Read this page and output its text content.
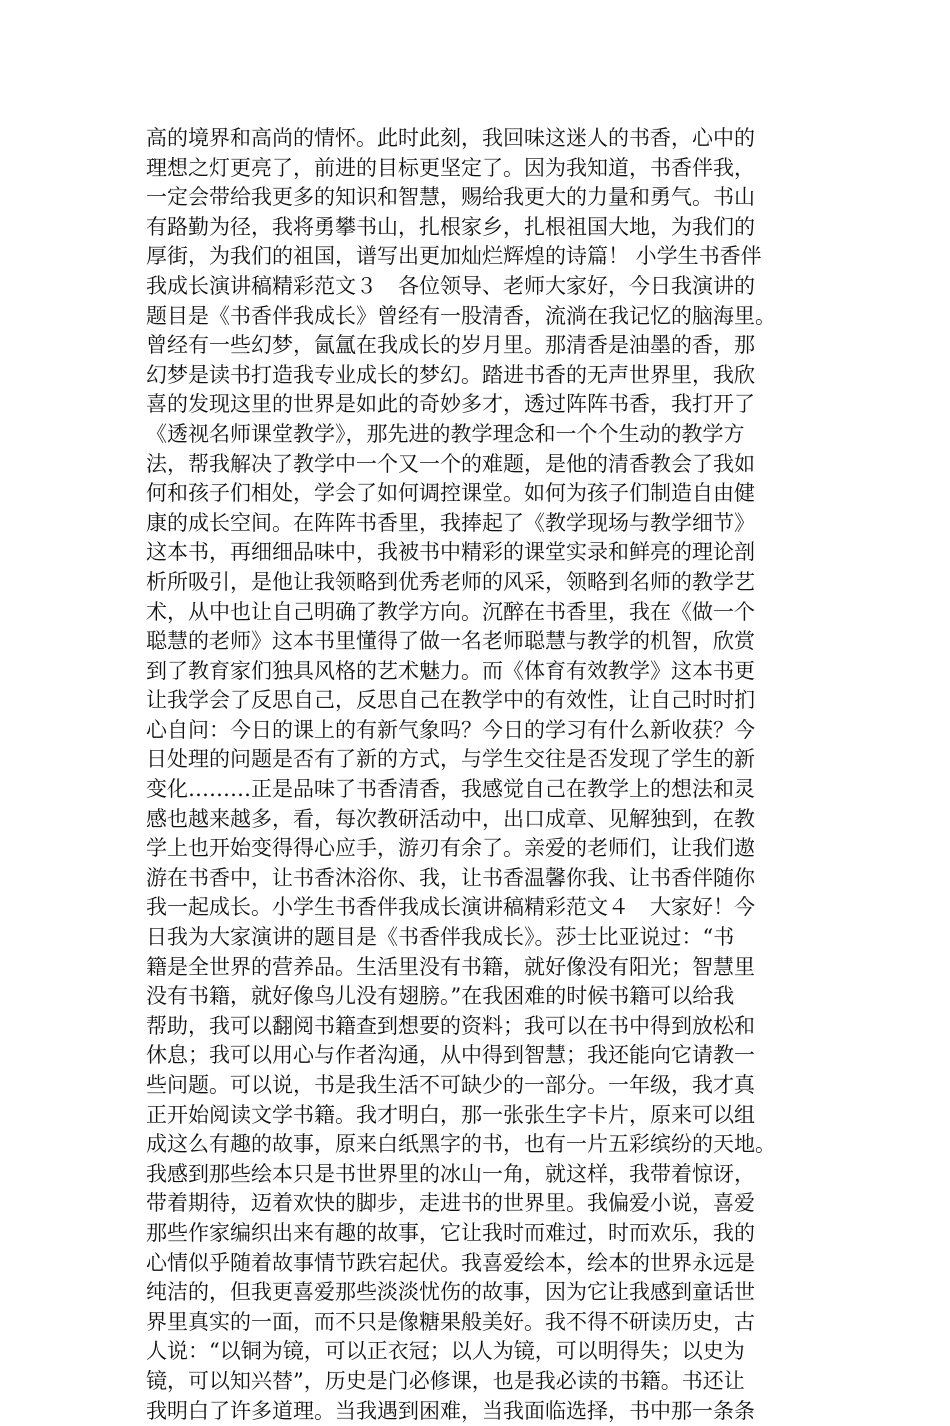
高的境界和高尚的情怀。此时此刻，我回味这迷人的书香，心中的
理想之灯更亮了，前进的目标更坚定了。因为我知道，书香伴我，
一定会带给我更多的知识和智慧，赐给我更大的力量和勇气。书山
有路勤为径，我将勇攀书山，扎根家乡，扎根祖国大地，为我们的
厚街，为我们的祖国，谱写出更加灿烂辉煌的诗篇！ 小学生书香伴
我成长演讲稿精彩范文３　各位领导、老师大家好，今日我演讲的
题目是《书香伴我成长》曾经有一股清香，流淌在我记忆的脑海里。
曾经有一些幻梦，氤氲在我成长的岁月里。那清香是油墨的香，那
幻梦是读书打造我专业成长的梦幻。踏进书香的无声世界里，我欣
喜的发现这里的世界是如此的奇妙多才，透过阵阵书香，我打开了
《透视名师课堂教学》，那先进的教学理念和一个个生动的教学方
法，帮我解决了教学中一个又一个的难题，是他的清香教会了我如
何和孩子们相处，学会了如何调控课堂。如何为孩子们制造自由健
康的成长空间。在阵阵书香里，我捧起了《教学现场与教学细节》
这本书，再细细品味中，我被书中精彩的课堂实录和鲜亮的理论剖
析所吸引，是他让我领略到优秀老师的风采，领略到名师的教学艺
术，从中也让自己明确了教学方向。沉醉在书香里，我在《做一个
聪慧的老师》这本书里懂得了做一名老师聪慧与教学的机智，欣赏
到了教育家们独具风格的艺术魅力。而《体育有效教学》这本书更
让我学会了反思自己，反思自己在教学中的有效性，让自己时时扪
心自问：今日的课上的有新气象吗？今日的学习有什么新收获？今
日处理的问题是否有了新的方式，与学生交往是否发现了学生的新
变化………正是品味了书香清香，我感觉自己在教学上的想法和灵
感也越来越多，看，每次教研活动中，出口成章、见解独到，在教
学上也开始变得得心应手，游刃有余了。亲爱的老师们，让我们遨
游在书香中，让书香沐浴你、我，让书香温馨你我、让书香伴随你
我一起成长。小学生书香伴我成长演讲稿精彩范文４　大家好！今
日我为大家演讲的题目是《书香伴我成长》。莎士比亚说过：“书
籍是全世界的营养品。生活里没有书籍，就好像没有阳光；智慧里
没有书籍，就好像鸟儿没有翅膀。”在我困难的时候书籍可以给我
帮助，我可以翻阅书籍查到想要的资料；我可以在书中得到放松和
休息；我可以用心与作者沟通，从中得到智慧；我还能向它请教一
些问题。可以说，书是我生活不可缺少的一部分。一年级，我才真
正开始阅读文学书籍。我才明白，那一张张生字卡片，原来可以组
成这么有趣的故事，原来白纸黑字的书，也有一片五彩缤纷的天地。
我感到那些绘本只是书世界里的冰山一角，就这样，我带着惊讶，
带着期待，迈着欢快的脚步，走进书的世界里。我偏爱小说，喜爱
那些作家编织出来有趣的故事，它让我时而难过，时而欢乐，我的
心情似乎随着故事情节跌宕起伏。我喜爱绘本，绘本的世界永远是
纯洁的，但我更喜爱那些淡淡忧伤的故事，因为它让我感到童话世
界里真实的一面，而不只是像糖果般美好。我不得不研读历史，古
人说：“以铜为镜，可以正衣冠；以人为镜，可以明得失；以史为
镜，可以知兴替”，历史是门必修课，也是我必读的书籍。书还让
我明白了许多道理。当我遇到困难，当我面临选择，书中那一条条
